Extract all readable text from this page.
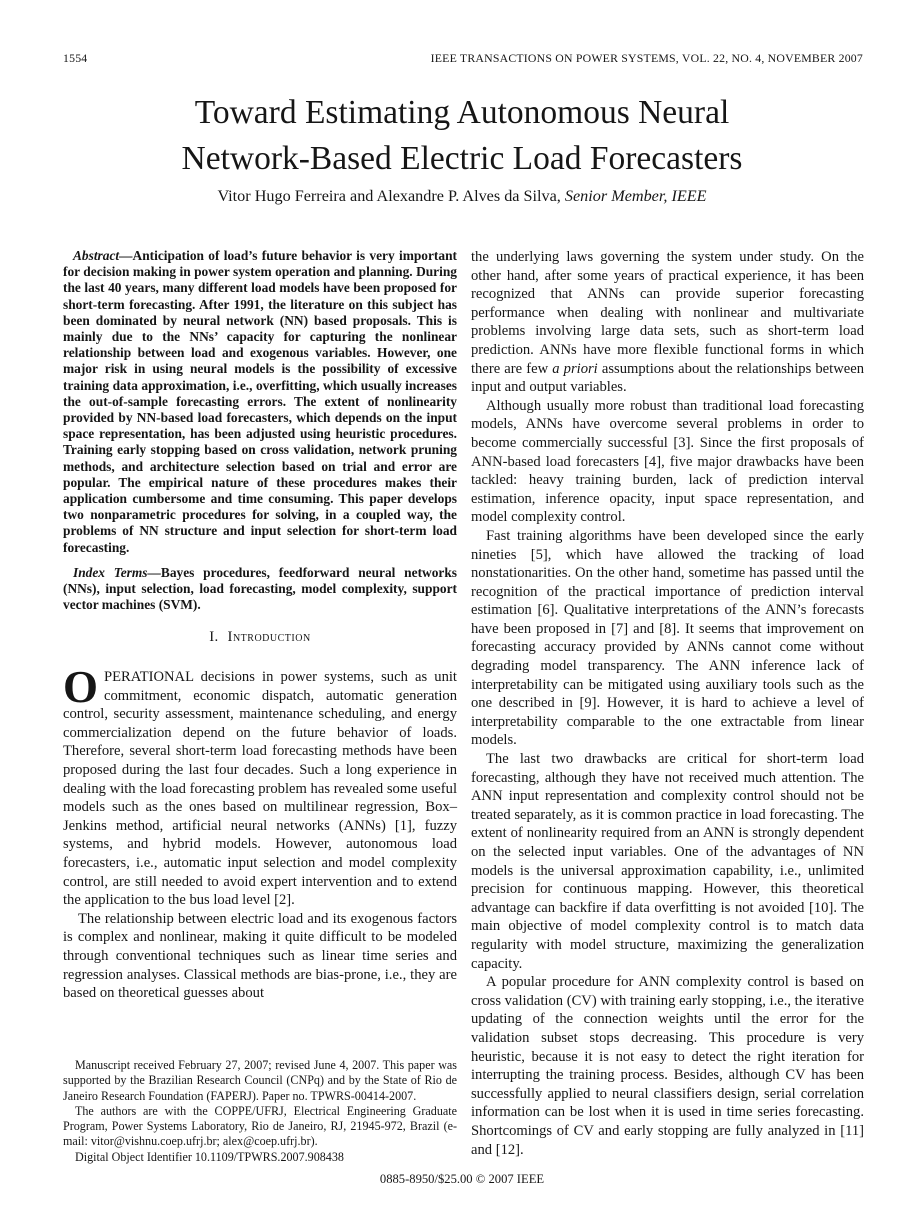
1554	IEEE TRANSACTIONS ON POWER SYSTEMS, VOL. 22, NO. 4, NOVEMBER 2007
Toward Estimating Autonomous Neural
Network-Based Electric Load Forecasters
Vitor Hugo Ferreira and Alexandre P. Alves da Silva, Senior Member, IEEE

Abstract—Anticipation of load’s future behavior is very important for decision making in power system operation and planning. During the last 40 years, many different load models have been proposed for short-term forecasting. After 1991, the literature on this subject has been dominated by neural network (NN) based proposals. This is mainly due to the NNs’ capacity for capturing the nonlinear relationship between load and exogenous variables. However, one major risk in using neural models is the possibility of excessive training data approximation, i.e., overfitting, which usually increases the out-of-sample forecasting errors. The extent of nonlinearity provided by NN-based load forecasters, which depends on the input space representation, has been adjusted using heuristic procedures. Training early stopping based on cross validation, network pruning methods, and architecture selection based on trial and error are popular. The empirical nature of these procedures makes their application cumbersome and time consuming. This paper develops two nonparametric procedures for solving, in a coupled way, the problems of NN structure and input selection for short-term load forecasting.

Index Terms—Bayes procedures, feedforward neural networks (NNs), input selection, load forecasting, model complexity, support vector machines (SVM).

I. Introduction

OPERATIONAL decisions in power systems, such as unit commitment, economic dispatch, automatic generation control, security assessment, maintenance scheduling, and energy commercialization depend on the future behavior of loads. Therefore, several short-term load forecasting methods have been proposed during the last four decades. Such a long experience in dealing with the load forecasting problem has revealed some useful models such as the ones based on multilinear regression, Box–Jenkins method, artificial neural networks (ANNs) [1], fuzzy systems, and hybrid models. However, autonomous load forecasters, i.e., automatic input selection and model complexity control, are still needed to avoid expert intervention and to extend the application to the bus load level [2].

The relationship between electric load and its exogenous factors is complex and nonlinear, making it quite difficult to be modeled through conventional techniques such as linear time series and regression analyses. Classical methods are bias-prone, i.e., they are based on theoretical guesses about

the underlying laws governing the system under study. On the other hand, after some years of practical experience, it has been recognized that ANNs can provide superior forecasting performance when dealing with nonlinear and multivariate problems involving large data sets, such as short-term load prediction. ANNs have more flexible functional forms in which there are few a priori assumptions about the relationships between input and output variables.

Although usually more robust than traditional load forecasting models, ANNs have overcome several problems in order to become commercially successful [3]. Since the first proposals of ANN-based load forecasters [4], five major drawbacks have been tackled: heavy training burden, lack of prediction interval estimation, inference opacity, input space representation, and model complexity control.

Fast training algorithms have been developed since the early nineties [5], which have allowed the tracking of load nonstationarities. On the other hand, sometime has passed until the recognition of the practical importance of prediction interval estimation [6]. Qualitative interpretations of the ANN’s forecasts have been proposed in [7] and [8]. It seems that improvement on forecasting accuracy provided by ANNs cannot come without degrading model transparency. The ANN inference lack of interpretability can be mitigated using auxiliary tools such as the one described in [9]. However, it is hard to achieve a level of interpretability comparable to the one extractable from linear models.

The last two drawbacks are critical for short-term load forecasting, although they have not received much attention. The ANN input representation and complexity control should not be treated separately, as it is common practice in load forecasting. The extent of nonlinearity required from an ANN is strongly dependent on the selected input variables. One of the advantages of NN models is the universal approximation capability, i.e., unlimited precision for continuous mapping. However, this theoretical advantage can backfire if data overfitting is not avoided [10]. The main objective of model complexity control is to match data regularity with model structure, maximizing the generalization capacity.

A popular procedure for ANN complexity control is based on cross validation (CV) with training early stopping, i.e., the iterative updating of the connection weights until the error for the validation subset stops decreasing. This procedure is very heuristic, because it is not easy to detect the right iteration for interrupting the training process. Besides, although CV has been successfully applied to neural classifiers design, serial correlation information can be lost when it is used in time series forecasting. Shortcomings of CV and early stopping are fully analyzed in [11] and [12].

Manuscript received February 27, 2007; revised June 4, 2007. This paper was supported by the Brazilian Research Council (CNPq) and by the State of Rio de Janeiro Research Foundation (FAPERJ). Paper no. TPWRS-00414-2007.

The authors are with the COPPE/UFRJ, Electrical Engineering Graduate Program, Power Systems Laboratory, Rio de Janeiro, RJ, 21945-972, Brazil (e-mail: vitor@vishnu.coep.ufrj.br; alex@coep.ufrj.br).

Digital Object Identifier 10.1109/TPWRS.2007.908438

0885-8950/$25.00 © 2007 IEEE
